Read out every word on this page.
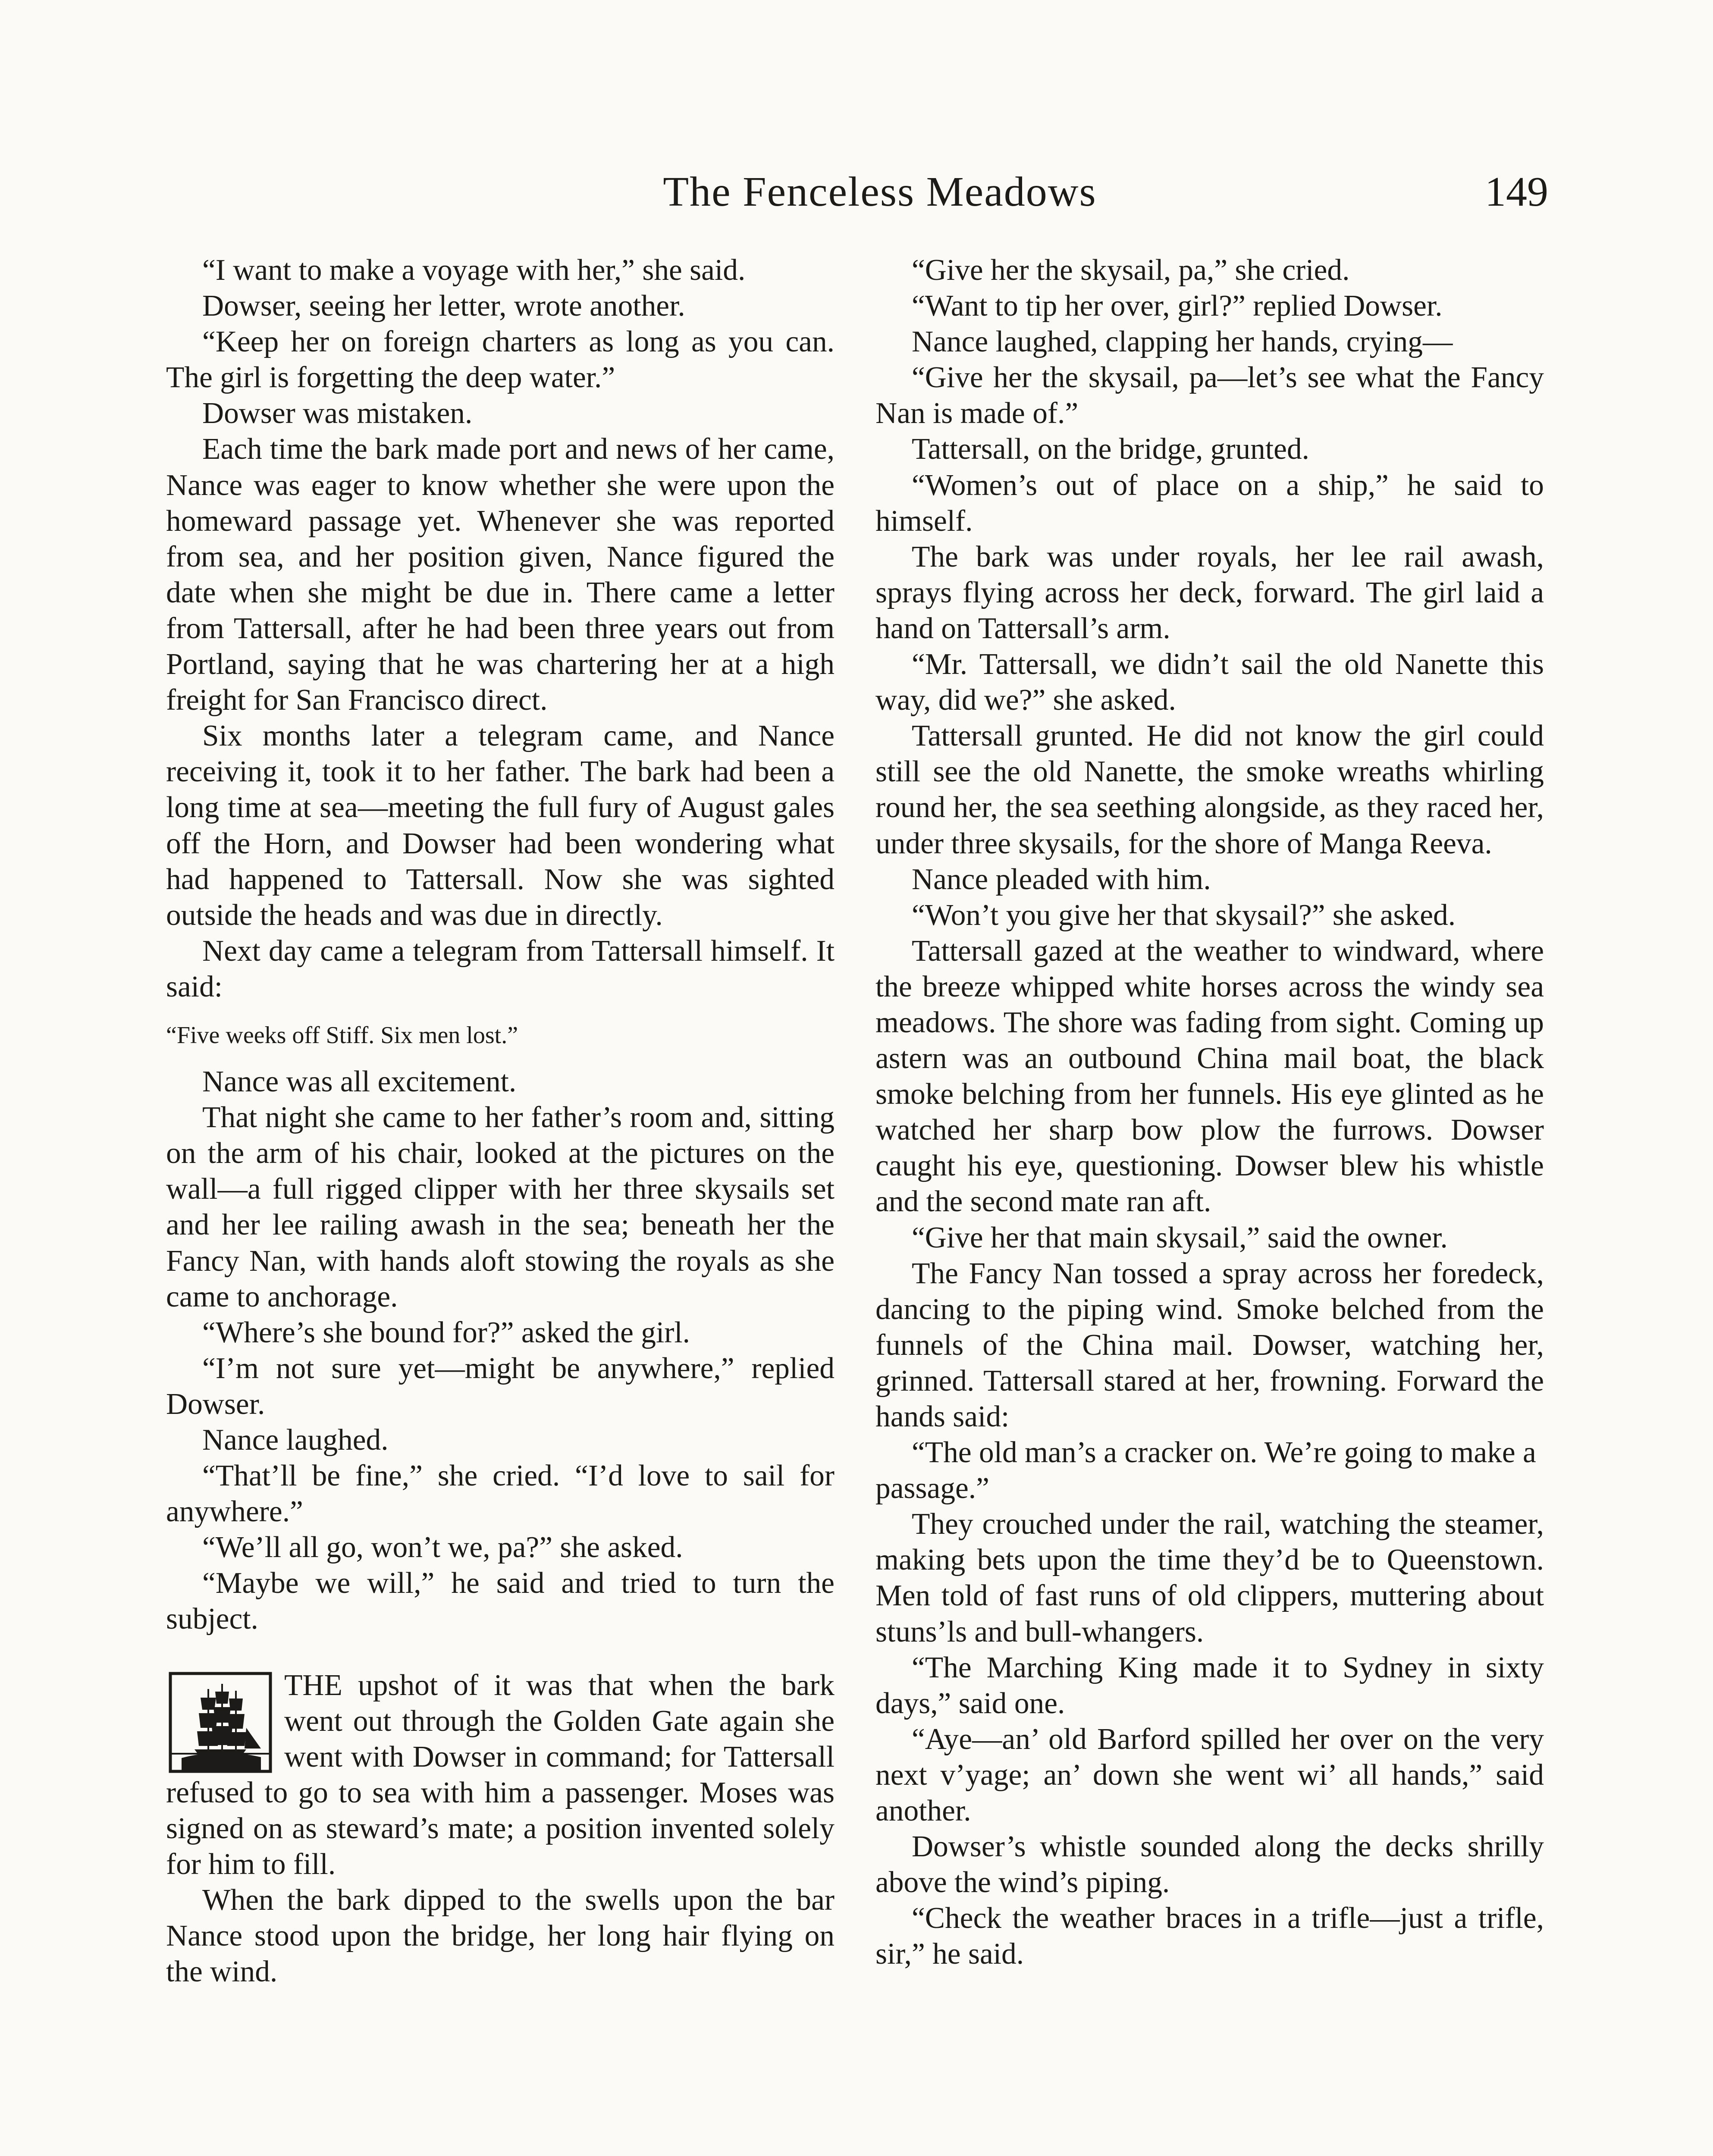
The Fenceless Meadows	149

“I want to make a voyage with her,” she said.

Dowser, seeing her letter, wrote another.

“Keep her on foreign charters as long as you can. The girl is forgetting the deep water.”

Dowser was mistaken.

Each time the bark made port and news of her came, Nance was eager to know whether she were upon the homeward passage yet. Whenever she was reported from sea, and her position given, Nance figured the date when she might be due in. There came a letter from Tattersall, after he had been three years out from Portland, saying that he was chartering her at a high freight for San Francisco direct.

Six months later a telegram came, and Nance receiving it, took it to her father. The bark had been a long time at sea—meeting the full fury of August gales off the Horn, and Dowser had been wondering what had happened to Tattersall. Now she was sighted outside the heads and was due in directly.

Next day came a telegram from Tattersall himself. It said:

“Five weeks off Stiff. Six men lost.”

Nance was all excitement.

That night she came to her father’s room and, sitting on the arm of his chair, looked at the pictures on the wall—a full rigged clipper with her three skysails set and her lee railing awash in the sea; beneath her the Fancy Nan, with hands aloft stowing the royals as she came to anchorage.

“Where’s she bound for?” asked the girl.

“I’m not sure yet—might be anywhere,” replied Dowser.

Nance laughed.

“That’ll be fine,” she cried. “I’d love to sail for anywhere.”

“We’ll all go, won’t we, pa?” she asked.

“Maybe we will,” he said and tried to turn the subject.

THE upshot of it was that when the bark went out through the Golden Gate again she went with Dowser in command; for Tattersall refused to go to sea with him a passenger. Moses was signed on as steward’s mate; a position invented solely for him to fill.

When the bark dipped to the swells upon the bar Nance stood upon the bridge, her long hair flying on the wind.

“Give her the skysail, pa,” she cried.

“Want to tip her over, girl?” replied Dowser.

Nance laughed, clapping her hands, crying—

“Give her the skysail, pa—let’s see what the Fancy Nan is made of.”

Tattersall, on the bridge, grunted.

“Women’s out of place on a ship,” he said to himself.

The bark was under royals, her lee rail awash, sprays flying across her deck, forward. The girl laid a hand on Tattersall’s arm.

“Mr. Tattersall, we didn’t sail the old Nanette this way, did we?” she asked.

Tattersall grunted. He did not know the girl could still see the old Nanette, the smoke wreaths whirling round her, the sea seething alongside, as they raced her, under three skysails, for the shore of Manga Reeva.

Nance pleaded with him.

“Won’t you give her that skysail?” she asked.

Tattersall gazed at the weather to windward, where the breeze whipped white horses across the windy sea meadows. The shore was fading from sight. Coming up astern was an outbound China mail boat, the black smoke belching from her funnels. His eye glinted as he watched her sharp bow plow the furrows. Dowser caught his eye, questioning. Dowser blew his whistle and the second mate ran aft.

“Give her that main skysail,” said the owner.

The Fancy Nan tossed a spray across her foredeck, dancing to the piping wind. Smoke belched from the funnels of the China mail. Dowser, watching her, grinned. Tattersall stared at her, frowning. Forward the hands said:

“The old man’s a cracker on. We’re going to make a passage.”

They crouched under the rail, watching the steamer, making bets upon the time they’d be to Queenstown. Men told of fast runs of old clippers, muttering about stuns’ls and bull-whangers.

“The Marching King made it to Sydney in sixty days,” said one.

“Aye—an’ old Barford spilled her over on the very next v’yage; an’ down she went wi’ all hands,” said another.

Dowser’s whistle sounded along the decks shrilly above the wind’s piping.

“Check the weather braces in a trifle—just a trifle, sir,” he said.
